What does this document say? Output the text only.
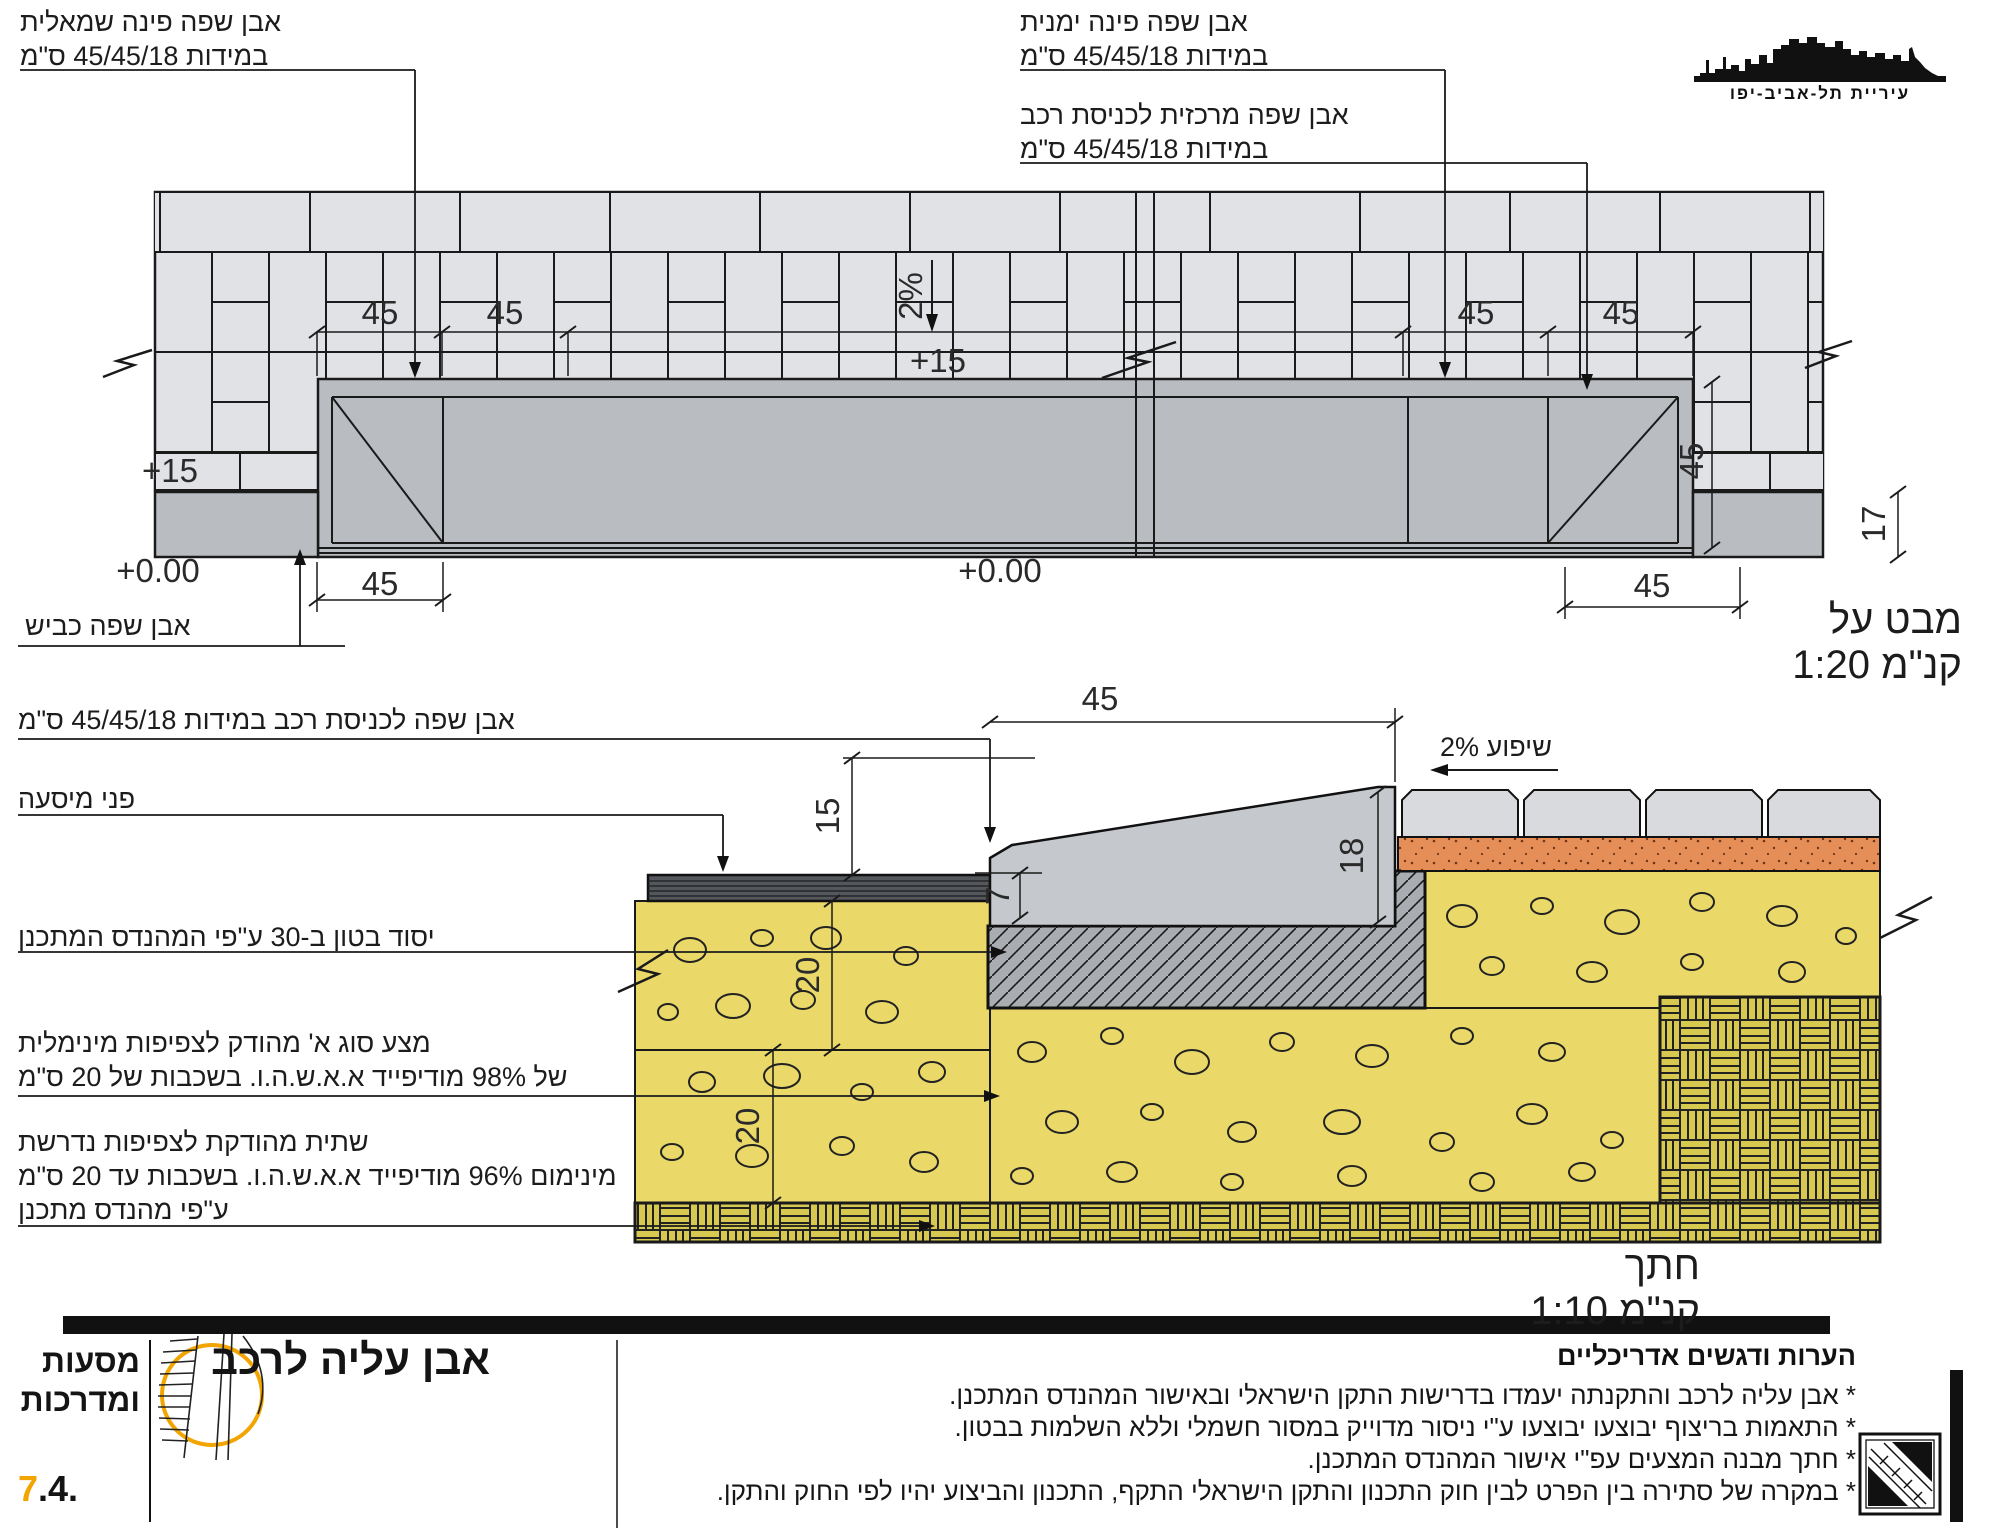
אבן שפה פינה שמאלית
במידות 45/45/18 ס"מ
אבן שפה פינה ימנית
במידות 45/45/18 ס"מ
אבן שפה מרכזית לכניסת רכב
במידות 45/45/18 ס"מ
עיריית תל-אביב-יפו
45	45	45	45
45	45
45
17
+15
+15
2%
+0.00	+0.00
אבן שפה כביש	מבט על
קנ"מ 1:20
אבן שפה לכניסת רכב במידות 45/45/18 ס"מ
פני מיסעה
יסוד בטון ב-30 ע"פי המהנדס המתכנן
מצע סוג א' מהודק לצפיפות מינימלית
של 98% מודיפייד א.א.ש.ה.ו. בשכבות של 20 ס"מ
שתית מהודקת לצפיפות נדרשת
מינימום 96% מודיפייד א.א.ש.ה.ו. בשכבות עד 20 ס"מ
ע"פי מהנדס מתכנן
שיפוע 2%
45
15
7
18
20
20
חתך
קנ"מ 1:10
מסעות
ומדרכות
אבן עליה לרכב
7.4.
הערות ודגשים אדריכליים
* אבן עליה לרכב והתקנתה יעמדו בדרישות התקן הישראלי ובאישור המהנדס המתכנן.
* התאמות בריצוף יבוצעו יבוצעו ע"י ניסור מדוייק במסור חשמלי וללא השלמות בבטון.
* חתך מבנה המצעים עפ"י אישור המהנדס המתכנן.
* במקרה של סתירה בין הפרט לבין חוק התכנון והתקן הישראלי התקף, התכנון והביצוע יהיו לפי החוק והתקן.
